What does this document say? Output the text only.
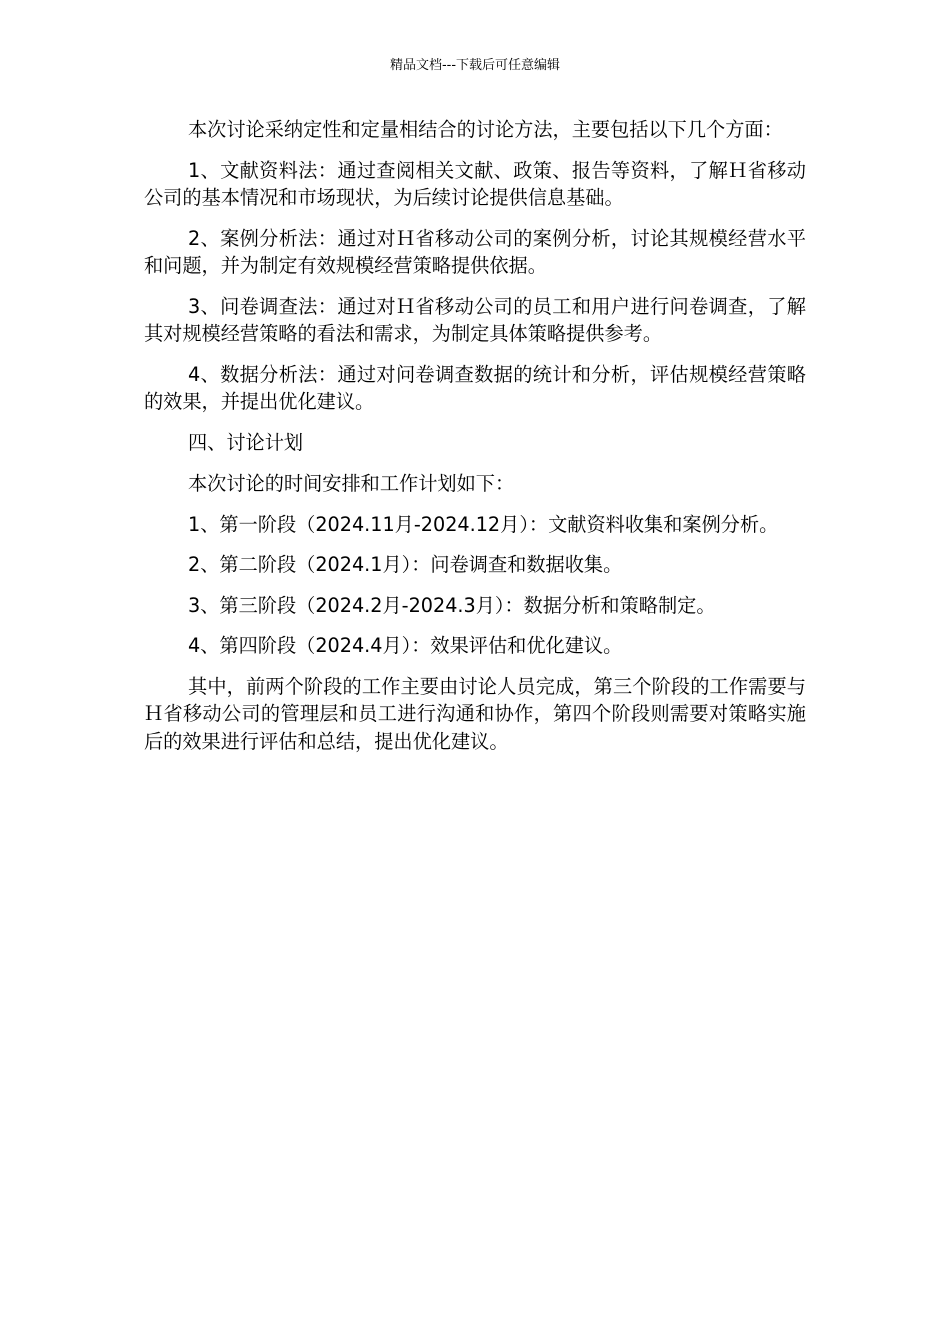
精品文档---下载后可任意编辑

本次讨论采纳定性和定量相结合的讨论方法，主要包括以下几个方面：

1、文献资料法：通过查阅相关文献、政策、报告等资料，了解Ｈ省移动公司的基本情况和市场现状，为后续讨论提供信息基础。

2、案例分析法：通过对Ｈ省移动公司的案例分析，讨论其规模经营水平和问题，并为制定有效规模经营策略提供依据。

3、问卷调查法：通过对Ｈ省移动公司的员工和用户进行问卷调查，了解其对规模经营策略的看法和需求，为制定具体策略提供参考。

4、数据分析法：通过对问卷调查数据的统计和分析，评估规模经营策略的效果，并提出优化建议。

四、讨论计划

本次讨论的时间安排和工作计划如下：

1、第一阶段（2024.11月-2024.12月）：文献资料收集和案例分析。

2、第二阶段（2024.1月）：问卷调查和数据收集。

3、第三阶段（2024.2月-2024.3月）：数据分析和策略制定。

4、第四阶段（2024.4月）：效果评估和优化建议。

其中，前两个阶段的工作主要由讨论人员完成，第三个阶段的工作需要与Ｈ省移动公司的管理层和员工进行沟通和协作，第四个阶段则需要对策略实施后的效果进行评估和总结，提出优化建议。
